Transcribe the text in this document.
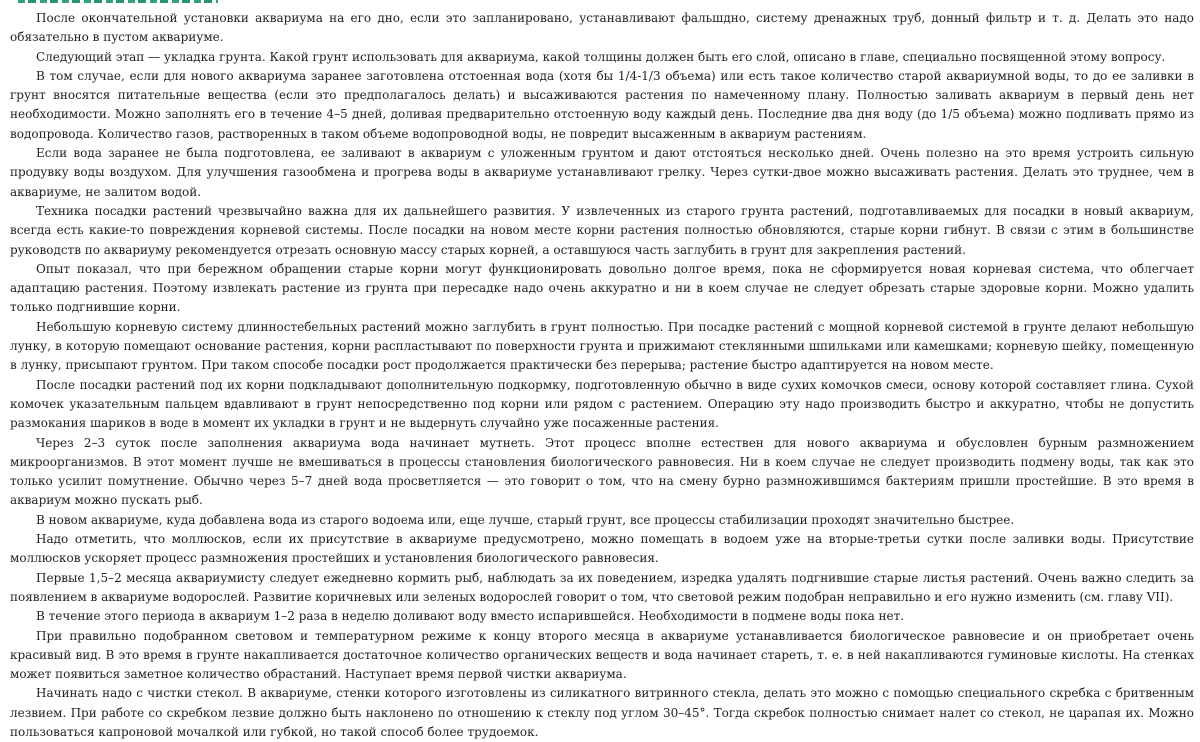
После окончательной установки аквариума на его дно, если это запланировано, устанавливают фальшдно, систему дренажных труб, донный фильтр и т. д. Делать это надо обязательно в пустом аквариуме.

Следующий этап — укладка грунта. Какой грунт использовать для аквариума, какой толщины должен быть его слой, описано в главе, специально посвященной этому вопросу.

В том случае, если для нового аквариума заранее заготовлена отстоенная вода (хотя бы 1/4-1/3 объема) или есть такое количество старой аквариумной воды, то до ее заливки в грунт вносятся питательные вещества (если это предполагалось делать) и высаживаются растения по намеченному плану. Полностью заливать аквариум в первый день нет необходимости. Можно заполнять его в течение 4–5 дней, доливая предварительно отстоенную воду каждый день. Последние два дня воду (до 1/5 объема) можно подливать прямо из водопровода. Количество газов, растворенных в таком объеме водопроводной воды, не повредит высаженным в аквариум растениям.

Если вода заранее не была подготовлена, ее заливают в аквариум с уложенным грунтом и дают отстояться несколько дней. Очень полезно на это время устроить сильную продувку воды воздухом. Для улучшения газообмена и прогрева воды в аквариуме устанавливают грелку. Через сутки-двое можно высаживать растения. Делать это труднее, чем в аквариуме, не залитом водой.

Техника посадки растений чрезвычайно важна для их дальнейшего развития. У извлеченных из старого грунта растений, подготавливаемых для посадки в новый аквариум, всегда есть какие-то повреждения корневой системы. После посадки на новом месте корни растения полностью обновляются, старые корни гибнут. В связи с этим в большинстве руководств по аквариуму рекомендуется отрезать основную массу старых корней, а оставшуюся часть заглубить в грунт для закрепления растений.

Опыт показал, что при бережном обращении старые корни могут функционировать довольно долгое время, пока не сформируется новая корневая система, что облегчает адаптацию растения. Поэтому извлекать растение из грунта при пересадке надо очень аккуратно и ни в коем случае не следует обрезать старые здоровые корни. Можно удалить только подгнившие корни.

Небольшую корневую систему длинностебельных растений можно заглубить в грунт полностью. При посадке растений с мощной корневой системой в грунте делают небольшую лунку, в которую помещают основание растения, корни распластывают по поверхности грунта и прижимают стеклянными шпильками или камешками; корневую шейку, помещенную в лунку, присыпают грунтом. При таком способе посадки рост продолжается практически без перерыва; растение быстро адаптируется на новом месте.

После посадки растений под их корни подкладывают дополнительную подкормку, подготовленную обычно в виде сухих комочков смеси, основу которой составляет глина. Сухой комочек указательным пальцем вдавливают в грунт непосредственно под корни или рядом с растением. Операцию эту надо производить быстро и аккуратно, чтобы не допустить размокания шариков в воде в момент их укладки в грунт и не выдернуть случайно уже посаженные растения.

Через 2–3 суток после заполнения аквариума вода начинает мутнеть. Этот процесс вполне естествен для нового аквариума и обусловлен бурным размножением микроорганизмов. В этот момент лучше не вмешиваться в процессы становления биологического равновесия. Ни в коем случае не следует производить подмену воды, так как это только усилит помутнение. Обычно через 5–7 дней вода просветляется — это говорит о том, что на смену бурно размножившимся бактериям пришли простейшие. В это время в аквариум можно пускать рыб.

В новом аквариуме, куда добавлена вода из старого водоема или, еще лучше, старый грунт, все процессы стабилизации проходят значительно быстрее.

Надо отметить, что моллюсков, если их присутствие в аквариуме предусмотрено, можно помещать в водоем уже на вторые-третьи сутки после заливки воды. Присутствие моллюсков ускоряет процесс размножения простейших и установления биологического равновесия.

Первые 1,5–2 месяца аквариумисту следует ежедневно кормить рыб, наблюдать за их поведением, изредка удалять подгнившие старые листья растений. Очень важно следить за появлением в аквариуме водорослей. Развитие коричневых или зеленых водорослей говорит о том, что световой режим подобран неправильно и его нужно изменить (см. главу VII).

В течение этого периода в аквариум 1–2 раза в неделю доливают воду вместо испарившейся. Необходимости в подмене воды пока нет.

При правильно подобранном световом и температурном режиме к концу второго месяца в аквариуме устанавливается биологическое равновесие и он приобретает очень красивый вид. В это время в грунте накапливается достаточное количество органических веществ и вода начинает стареть, т. е. в ней накапливаются гуминовые кислоты. На стенках может появиться заметное количество обрастаний. Наступает время первой чистки аквариума.

Начинать надо с чистки стекол. В аквариуме, стенки которого изготовлены из силикатного витринного стекла, делать это можно с помощью специального скребка с бритвенным лезвием. При работе со скребком лезвие должно быть наклонено по отношению к стеклу под углом 30–45°. Тогда скребок полностью снимает налет со стекол, не царапая их. Можно пользоваться капроновой мочалкой или губкой, но такой способ более трудоемок.
